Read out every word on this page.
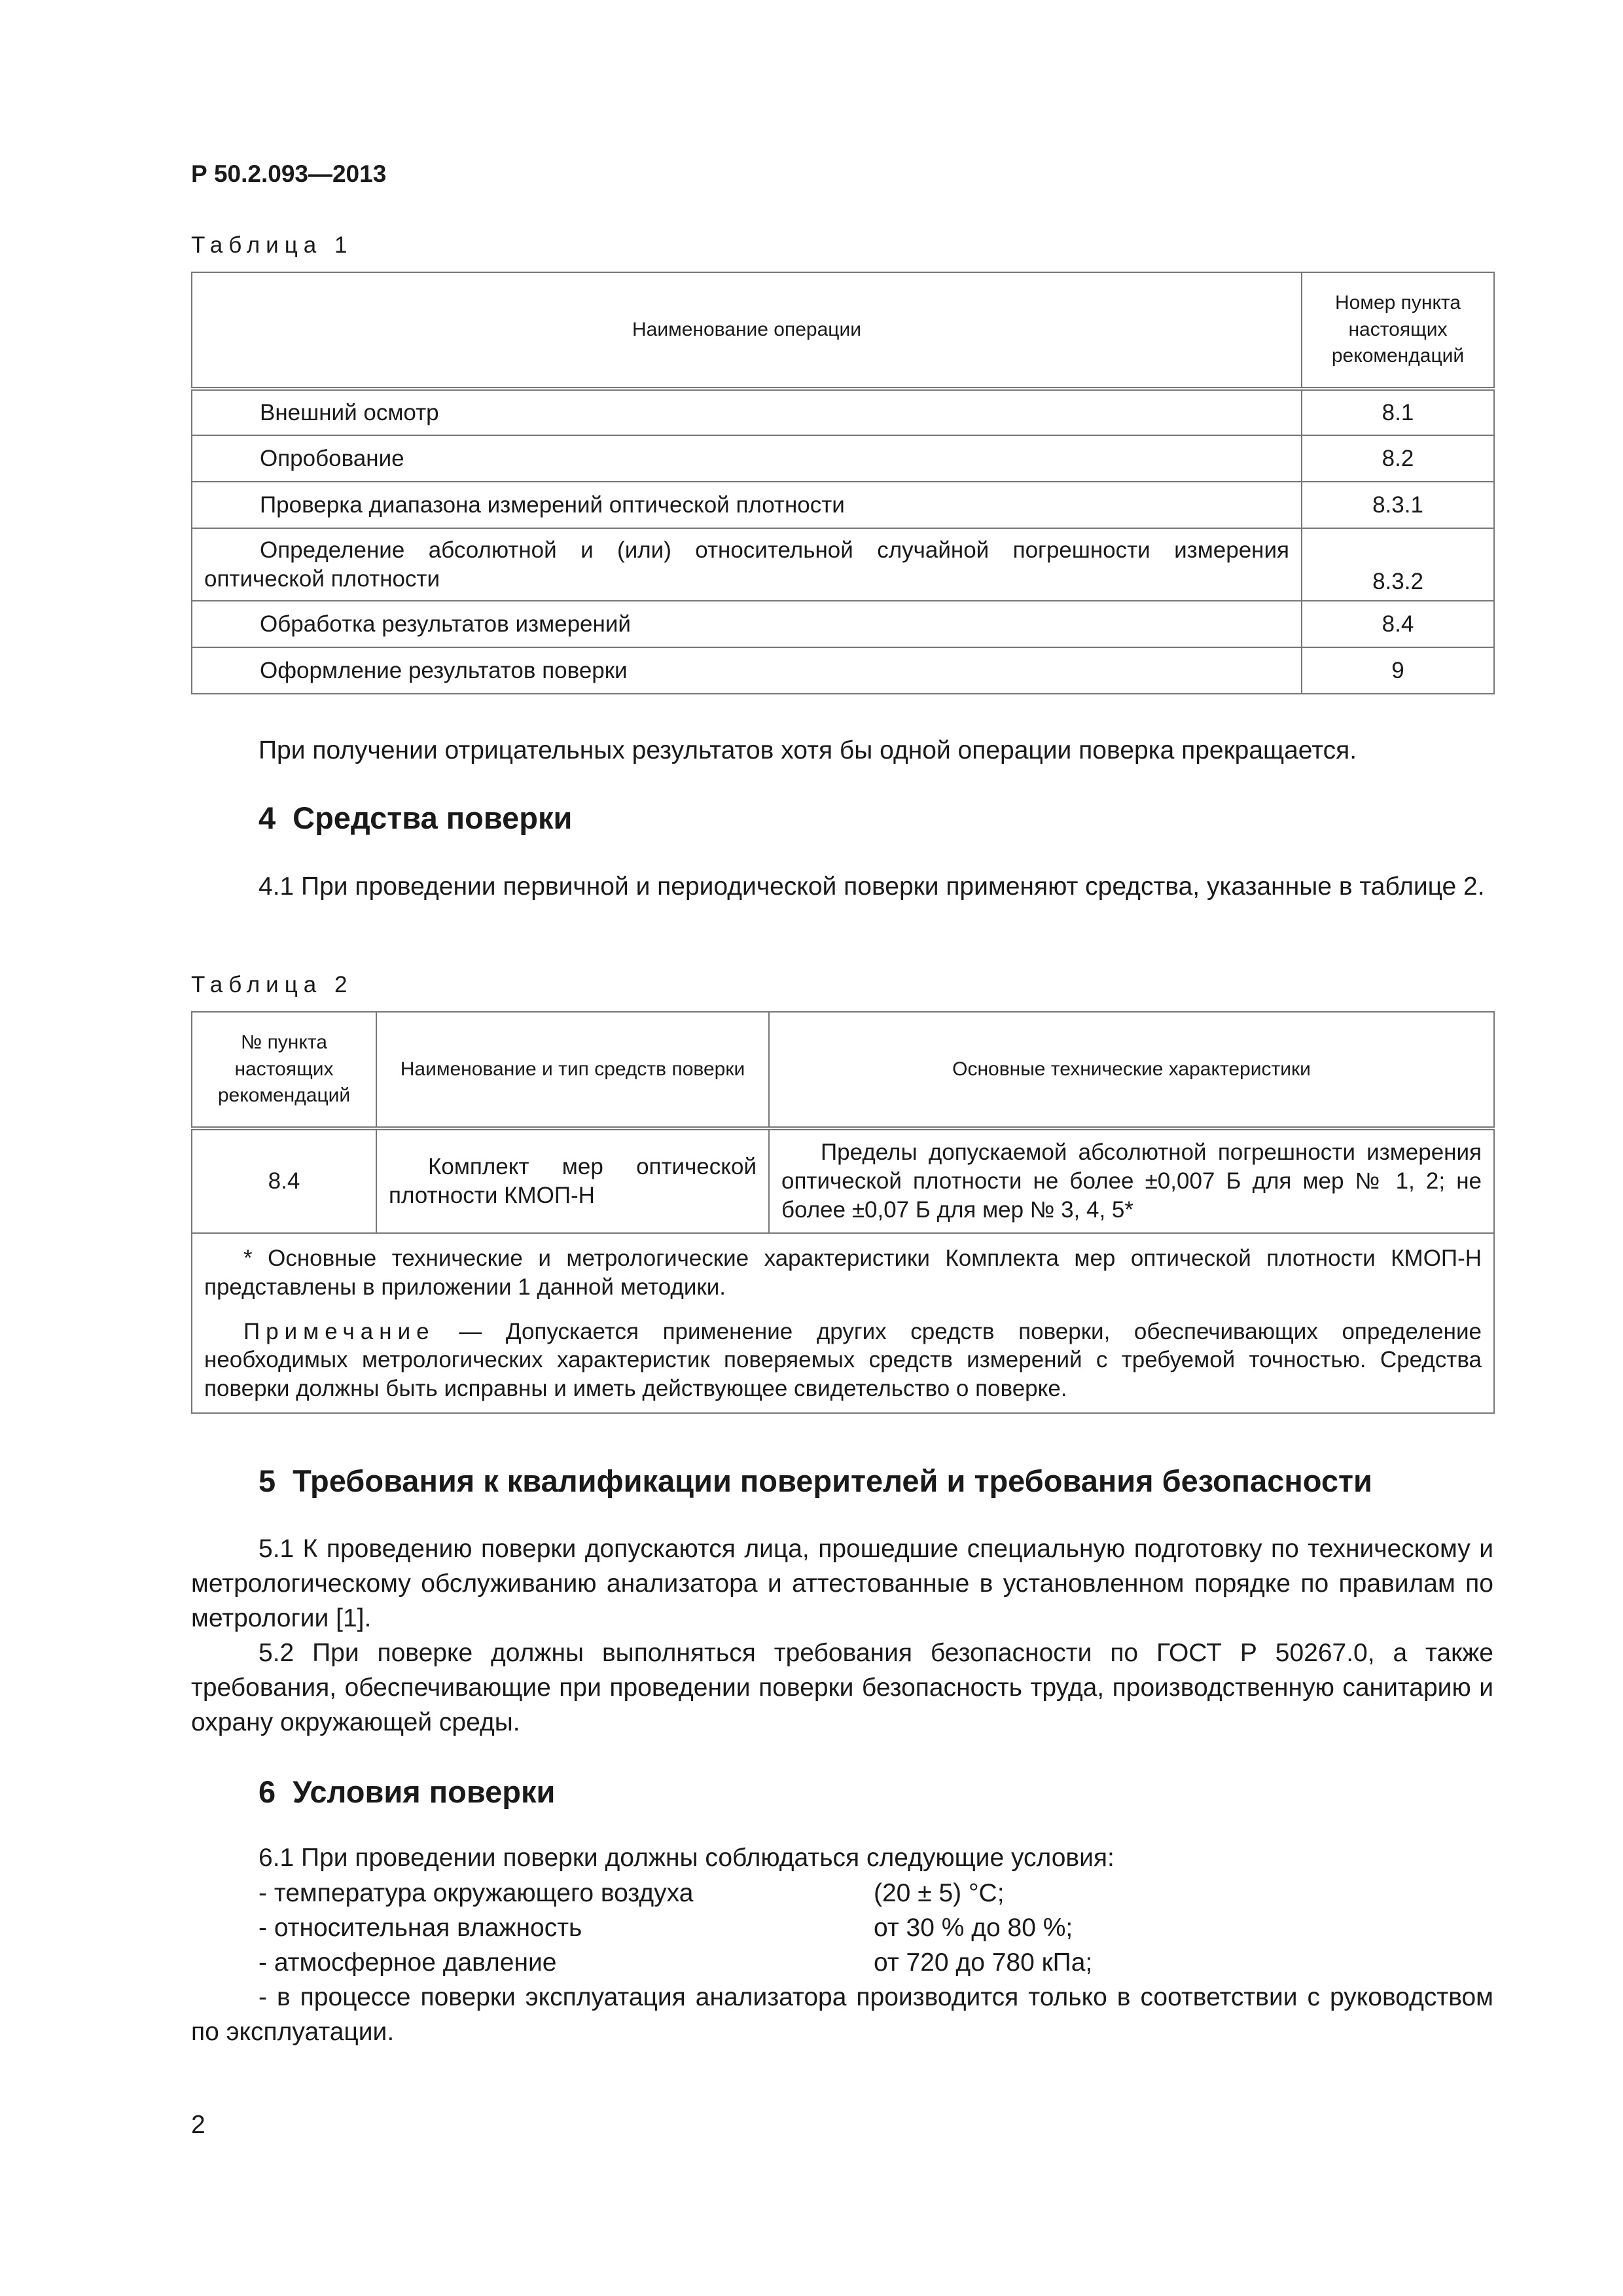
Р 50.2.093—2013
Таблица 1
Наименование операции	Номер пункта настоящих рекомендаций
Внешний осмотр	8.1
Опробование	8.2
Проверка диапазона измерений оптической плотности	8.3.1
Определение абсолютной и (или) относительной случайной погрешности измерения оптической плотности	8.3.2
Обработка результатов измерений	8.4
Оформление результатов поверки	9

При получении отрицательных результатов хотя бы одной операции поверка прекращается.

4 Средства поверки

4.1 При проведении первичной и периодической поверки применяют средства, указанные в таблице 2.

Таблица 2
№ пункта настоящих рекомендаций	Наименование и тип средств поверки	Основные технические характеристики
8.4	Комплект мер оптической плотности КМОП-Н	Пределы допускаемой абсолютной погрешности измерения оптической плотности не более ±0,007 Б для мер № 1, 2; не более ±0,07 Б для мер № 3, 4, 5*

* Основные технические и метрологические характеристики Комплекта мер оптической плотности КМОП-Н представлены в приложении 1 данной методики.

Примечание — Допускается применение других средств поверки, обеспечивающих определение необходимых метрологических характеристик поверяемых средств измерений с требуемой точностью. Средства поверки должны быть исправны и иметь действующее свидетельство о поверке.		

5 Требования к квалификации поверителей и требования безопасности

5.1 К проведению поверки допускаются лица, прошедшие специальную подготовку по техническому и метрологическому обслуживанию анализатора и аттестованные в установленном порядке по правилам по метрологии [1].

5.2 При поверке должны выполняться требования безопасности по ГОСТ Р 50267.0, а также требования, обеспечивающие при проведении поверки безопасность труда, производственную санитарию и охрану окружающей среды.

6 Условия поверки

6.1 При проведении поверки должны соблюдаться следующие условия:

- температура окружающего воздуха	(20 ± 5) °С;
- относительная влажность	от 30 % до 80 %;
- атмосферное давление	от 720 до 780 кПа;

- в процессе поверки эксплуатация анализатора производится только в соответствии с руководством по эксплуатации.

2
